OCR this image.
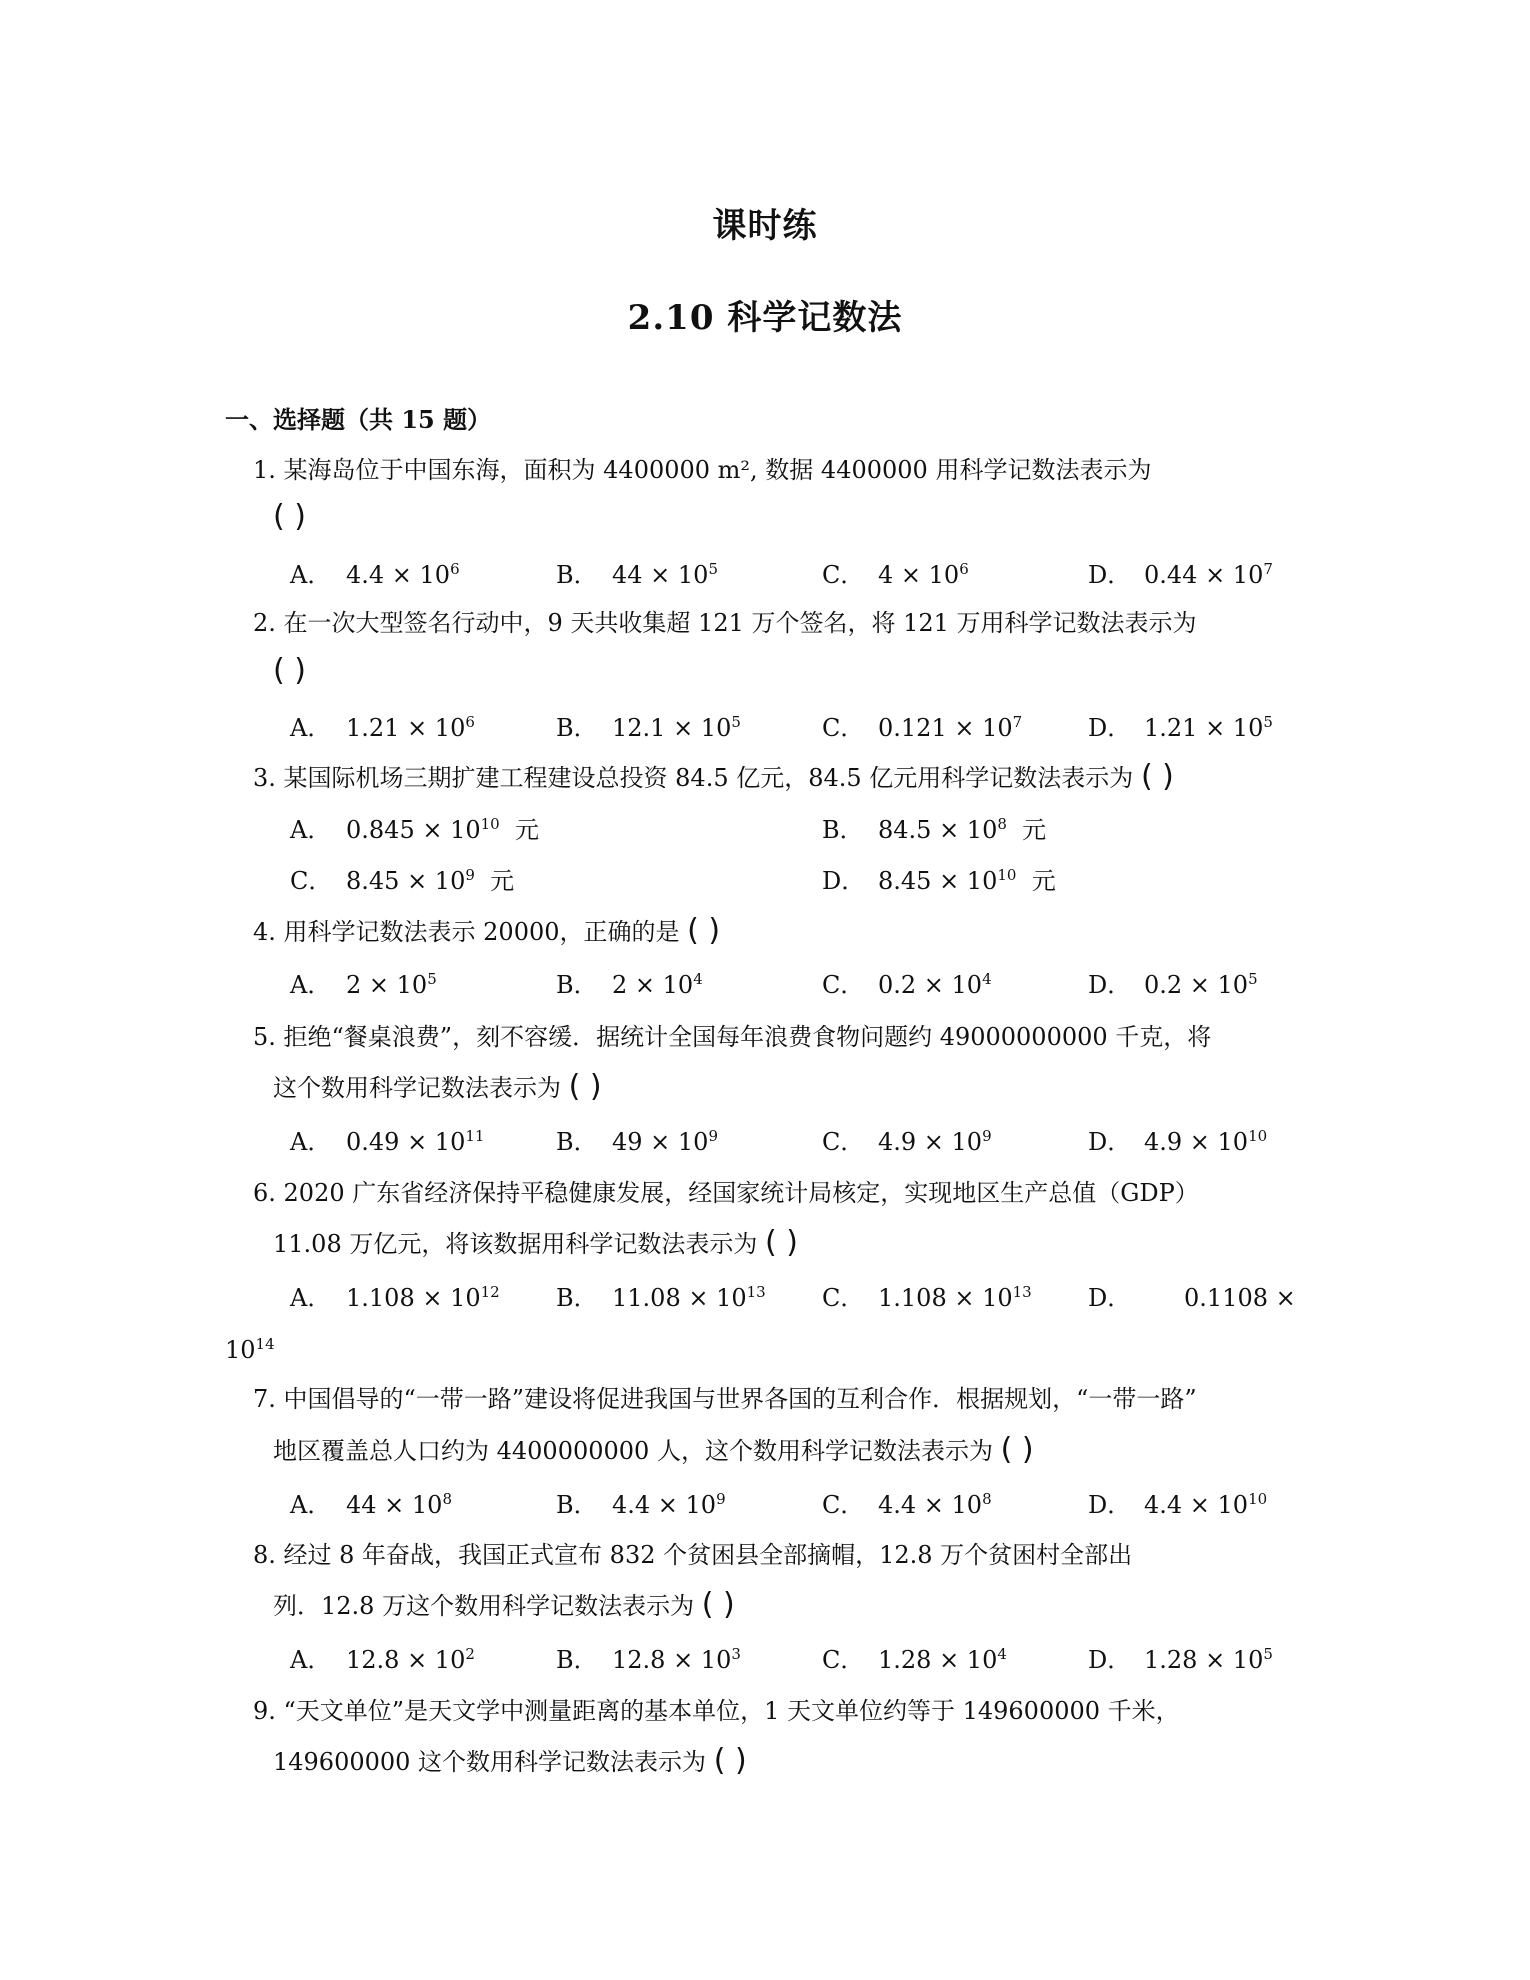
课时练
2.10 科学记数法
一、选择题（共 15 题）
1. 某海岛位于中国东海，面积为 4400000 m², 数据 4400000 用科学记数法表示为
( )
A． $4.4 \times 10^6$	B． $44 \times 10^5$	C． $4 \times 10^6$	D． $0.44 \times 10^7$
2. 在一次大型签名行动中，9 天共收集超 121 万个签名，将 121 万用科学记数法表示为
( )
A． $1.21 \times 10^6$	B． $12.1 \times 10^5$	C． $0.121 \times 10^7$	D． $1.21 \times 10^5$
3. 某国际机场三期扩建工程建设总投资 84.5 亿元，84.5 亿元用科学记数法表示为 ( )
A． $0.845 \times 10^{10}$ 元	B． $84.5 \times 10^8$ 元
C． $8.45 \times 10^9$ 元	D． $8.45 \times 10^{10}$ 元
4. 用科学记数法表示 20000，正确的是 ( )
A． $2 \times 10^5$	B． $2 \times 10^4$	C． $0.2 \times 10^4$	D． $0.2 \times 10^5$
5. 拒绝“餐桌浪费”，刻不容缓．据统计全国每年浪费食物问题约 49000000000 千克，将
这个数用科学记数法表示为 ( )
A． $0.49 \times 10^{11}$	B． $49 \times 10^9$	C． $4.9 \times 10^9$	D． $4.9 \times 10^{10}$
6. 2020 广东省经济保持平稳健康发展，经国家统计局核定，实现地区生产总值（GDP）
11.08 万亿元，将该数据用科学记数法表示为 ( )
A． $1.108 \times 10^{12}$ B． $11.08 \times 10^{13}$ C． $1.108 \times 10^{13}$ D． 0.1108 ×
$10^{14}$
7. 中国倡导的“一带一路”建设将促进我国与世界各国的互利合作．根据规划，“一带一路”
地区覆盖总人口约为 4400000000 人，这个数用科学记数法表示为 ( )
A． $44 \times 10^8$	B． $4.4 \times 10^9$	C． $4.4 \times 10^8$	D． $4.4 \times 10^{10}$
8. 经过 8 年奋战，我国正式宣布 832 个贫困县全部摘帽，12.8 万个贫困村全部出
列．12.8 万这个数用科学记数法表示为 ( )
A． $12.8 \times 10^2$	B． $12.8 \times 10^3$	C． $1.28 \times 10^4$	D． $1.28 \times 10^5$
9. “天文单位”是天文学中测量距离的基本单位，1 天文单位约等于 149600000 千米，
149600000 这个数用科学记数法表示为 ( )
